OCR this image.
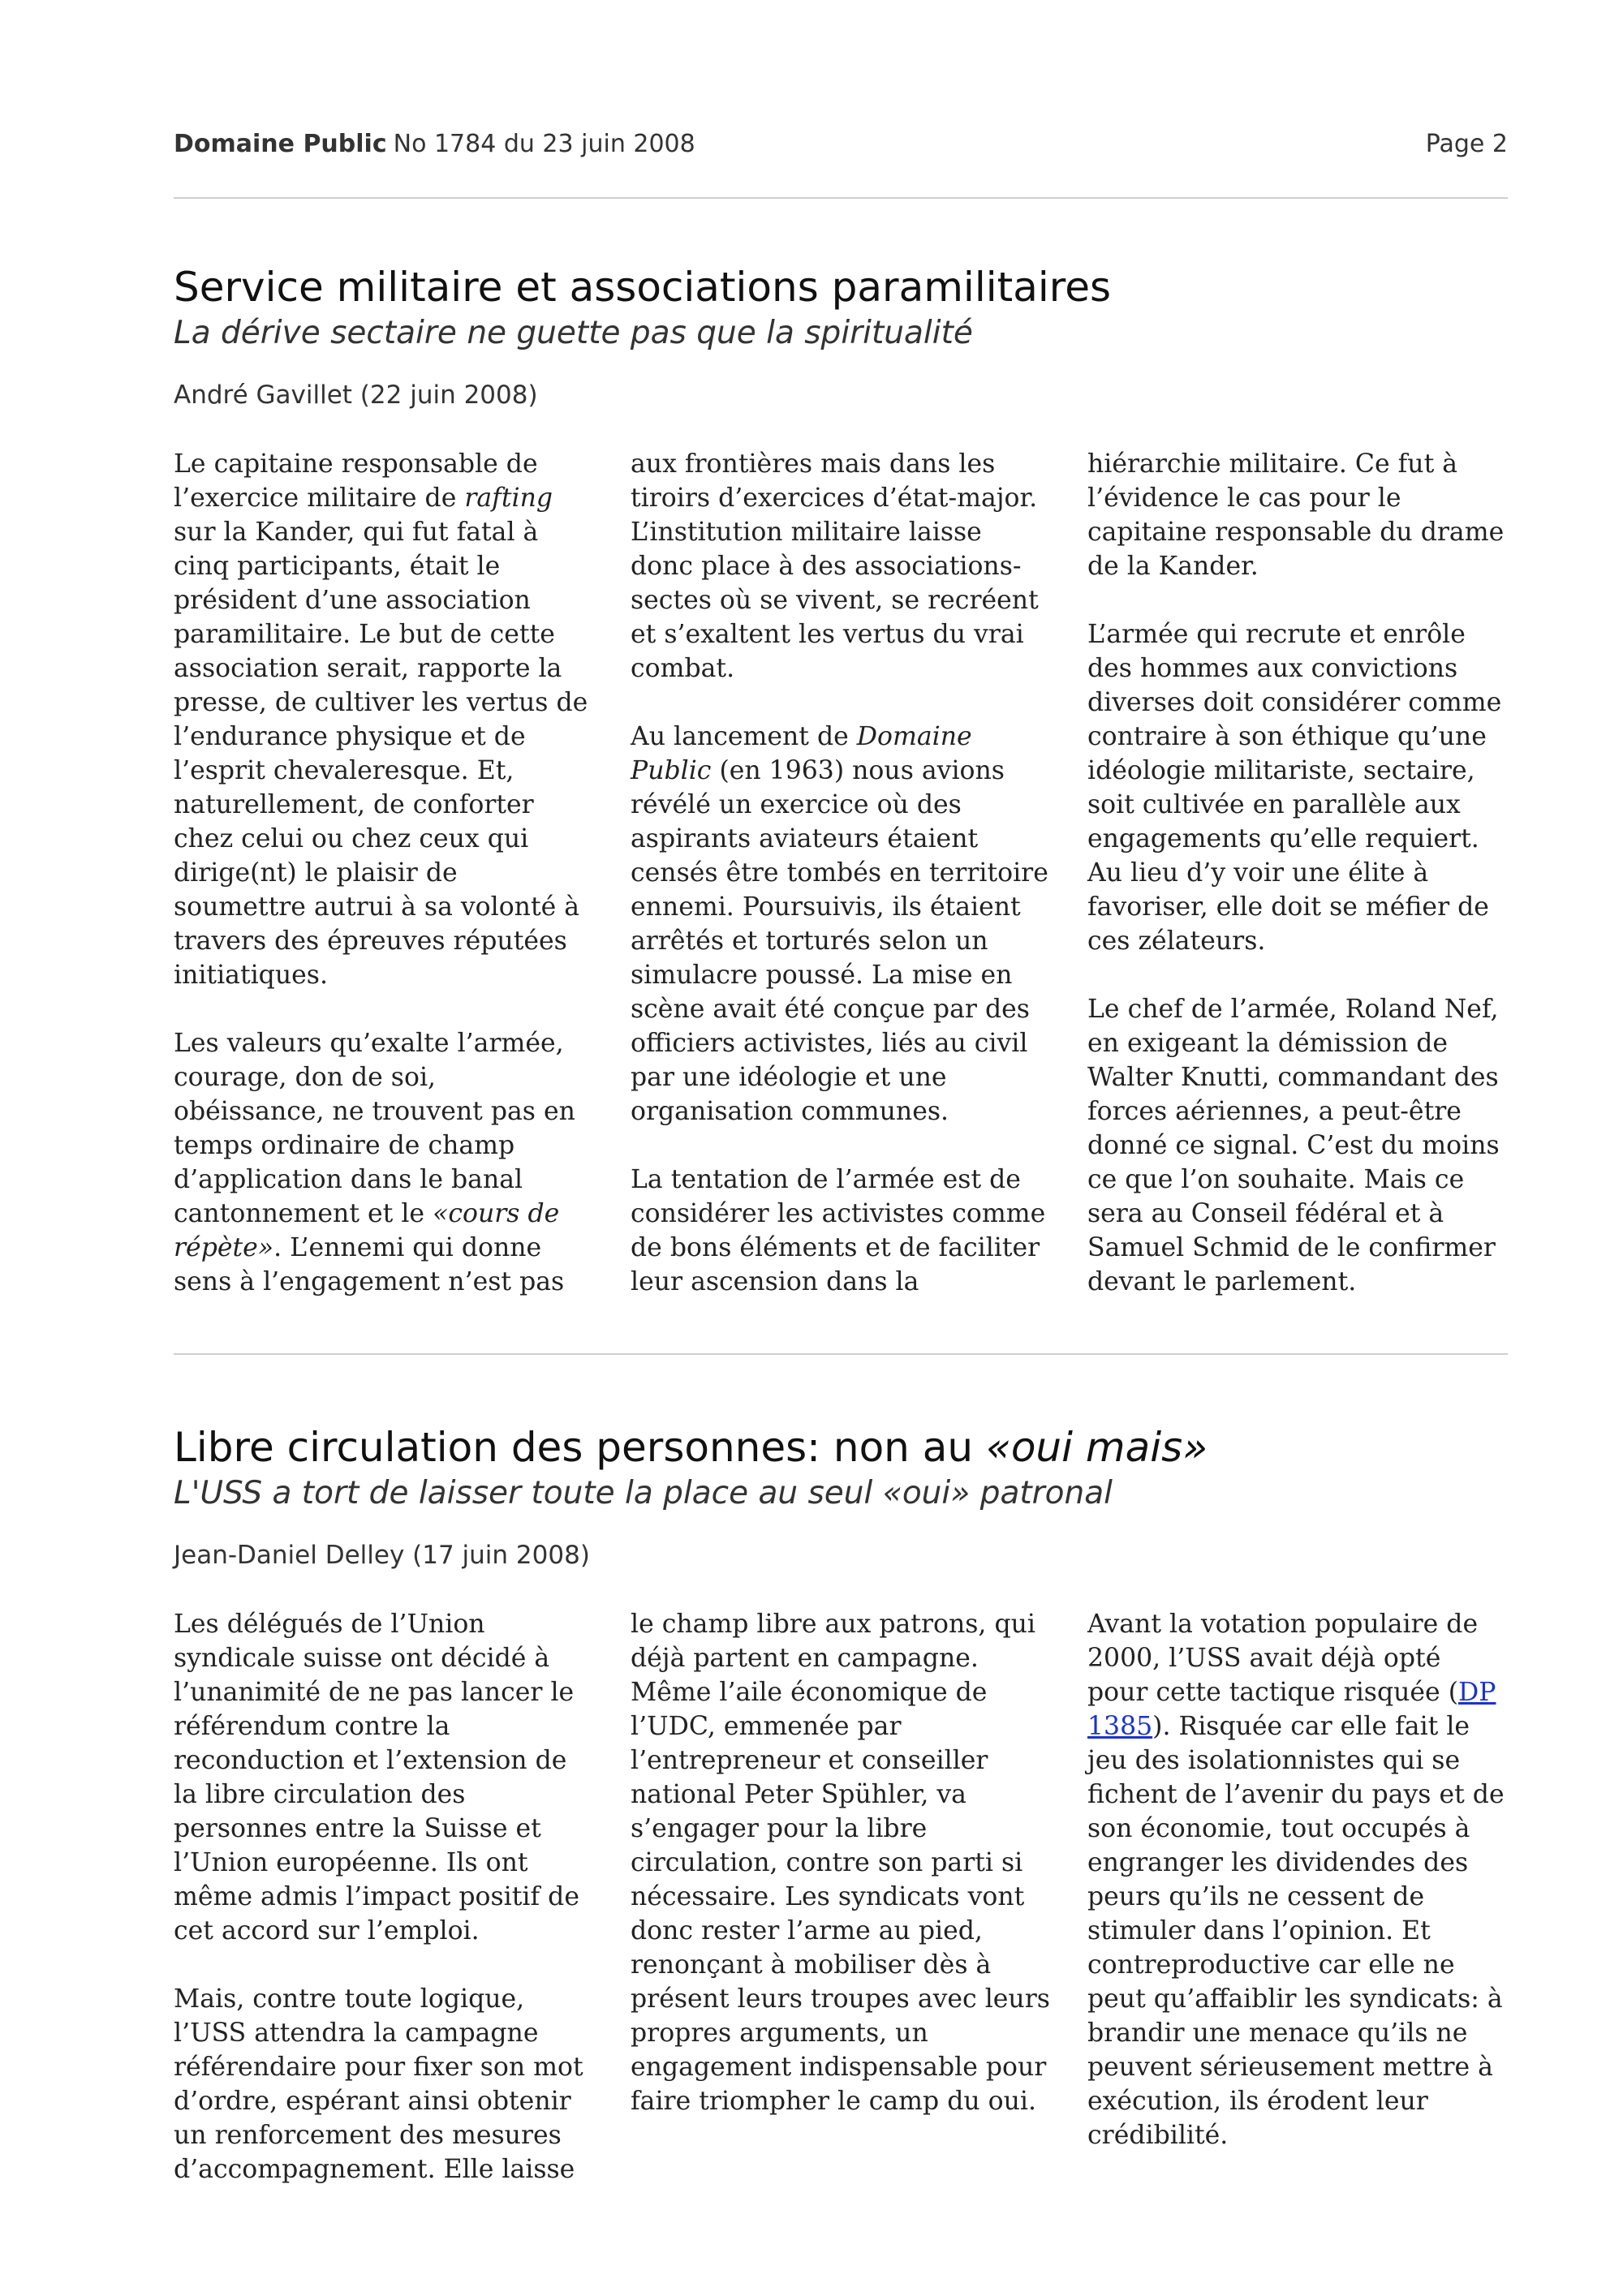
Domaine Public No 1784 du 23 juin 2008	Page 2
Service militaire et associations paramilitaires
La dérive sectaire ne guette pas que la spiritualité
André Gavillet (22 juin 2008)

Le capitaine responsable de l’exercice militaire de rafting sur la Kander, qui fut fatal à cinq participants, était le président d’une association paramilitaire. Le but de cette association serait, rapporte la presse, de cultiver les vertus de l’endurance physique et de l’esprit chevaleresque. Et, naturellement, de conforter chez celui ou chez ceux qui dirige(nt) le plaisir de soumettre autrui à sa volonté à travers des épreuves réputées initiatiques.

Les valeurs qu’exalte l’armée, courage, don de soi, obéissance, ne trouvent pas en temps ordinaire de champ d’application dans le banal cantonnement et le «cours de répète». L’ennemi qui donne sens à l’engagement n’est pas

aux frontières mais dans les tiroirs d’exercices d’état-major. L’institution militaire laisse donc place à des associations-sectes où se vivent, se recréent et s’exaltent les vertus du vrai combat.

Au lancement de Domaine Public (en 1963) nous avions révélé un exercice où des aspirants aviateurs étaient censés être tombés en territoire ennemi. Poursuivis, ils étaient arrêtés et torturés selon un simulacre poussé. La mise en scène avait été conçue par des officiers activistes, liés au civil par une idéologie et une organisation communes.

La tentation de l’armée est de considérer les activistes comme de bons éléments et de faciliter leur ascension dans la

hiérarchie militaire. Ce fut à l’évidence le cas pour le capitaine responsable du drame de la Kander.

L’armée qui recrute et enrôle des hommes aux convictions diverses doit considérer comme contraire à son éthique qu’une idéologie militariste, sectaire, soit cultivée en parallèle aux engagements qu’elle requiert. Au lieu d’y voir une élite à favoriser, elle doit se méfier de ces zélateurs.

Le chef de l’armée, Roland Nef, en exigeant la démission de Walter Knutti, commandant des forces aériennes, a peut-être donné ce signal. C’est du moins ce que l’on souhaite. Mais ce sera au Conseil fédéral et à Samuel Schmid de le confirmer devant le parlement.

Libre circulation des personnes: non au «oui mais»
L'USS a tort de laisser toute la place au seul «oui» patronal
Jean-Daniel Delley (17 juin 2008)

Les délégués de l’Union syndicale suisse ont décidé à l’unanimité de ne pas lancer le référendum contre la reconduction et l’extension de la libre circulation des personnes entre la Suisse et l’Union européenne. Ils ont même admis l’impact positif de cet accord sur l’emploi.

Mais, contre toute logique, l’USS attendra la campagne référendaire pour fixer son mot d’ordre, espérant ainsi obtenir un renforcement des mesures d’accompagnement. Elle laisse

le champ libre aux patrons, qui déjà partent en campagne. Même l’aile économique de l’UDC, emmenée par l’entrepreneur et conseiller national Peter Spühler, va s’engager pour la libre circulation, contre son parti si nécessaire. Les syndicats vont donc rester l’arme au pied, renonçant à mobiliser dès à présent leurs troupes avec leurs propres arguments, un engagement indispensable pour faire triompher le camp du oui.

Avant la votation populaire de 2000, l’USS avait déjà opté pour cette tactique risquée (DP 1385). Risquée car elle fait le jeu des isolationnistes qui se fichent de l’avenir du pays et de son économie, tout occupés à engranger les dividendes des peurs qu’ils ne cessent de stimuler dans l’opinion. Et contreproductive car elle ne peut qu’affaiblir les syndicats: à brandir une menace qu’ils ne peuvent sérieusement mettre à exécution, ils érodent leur crédibilité.
